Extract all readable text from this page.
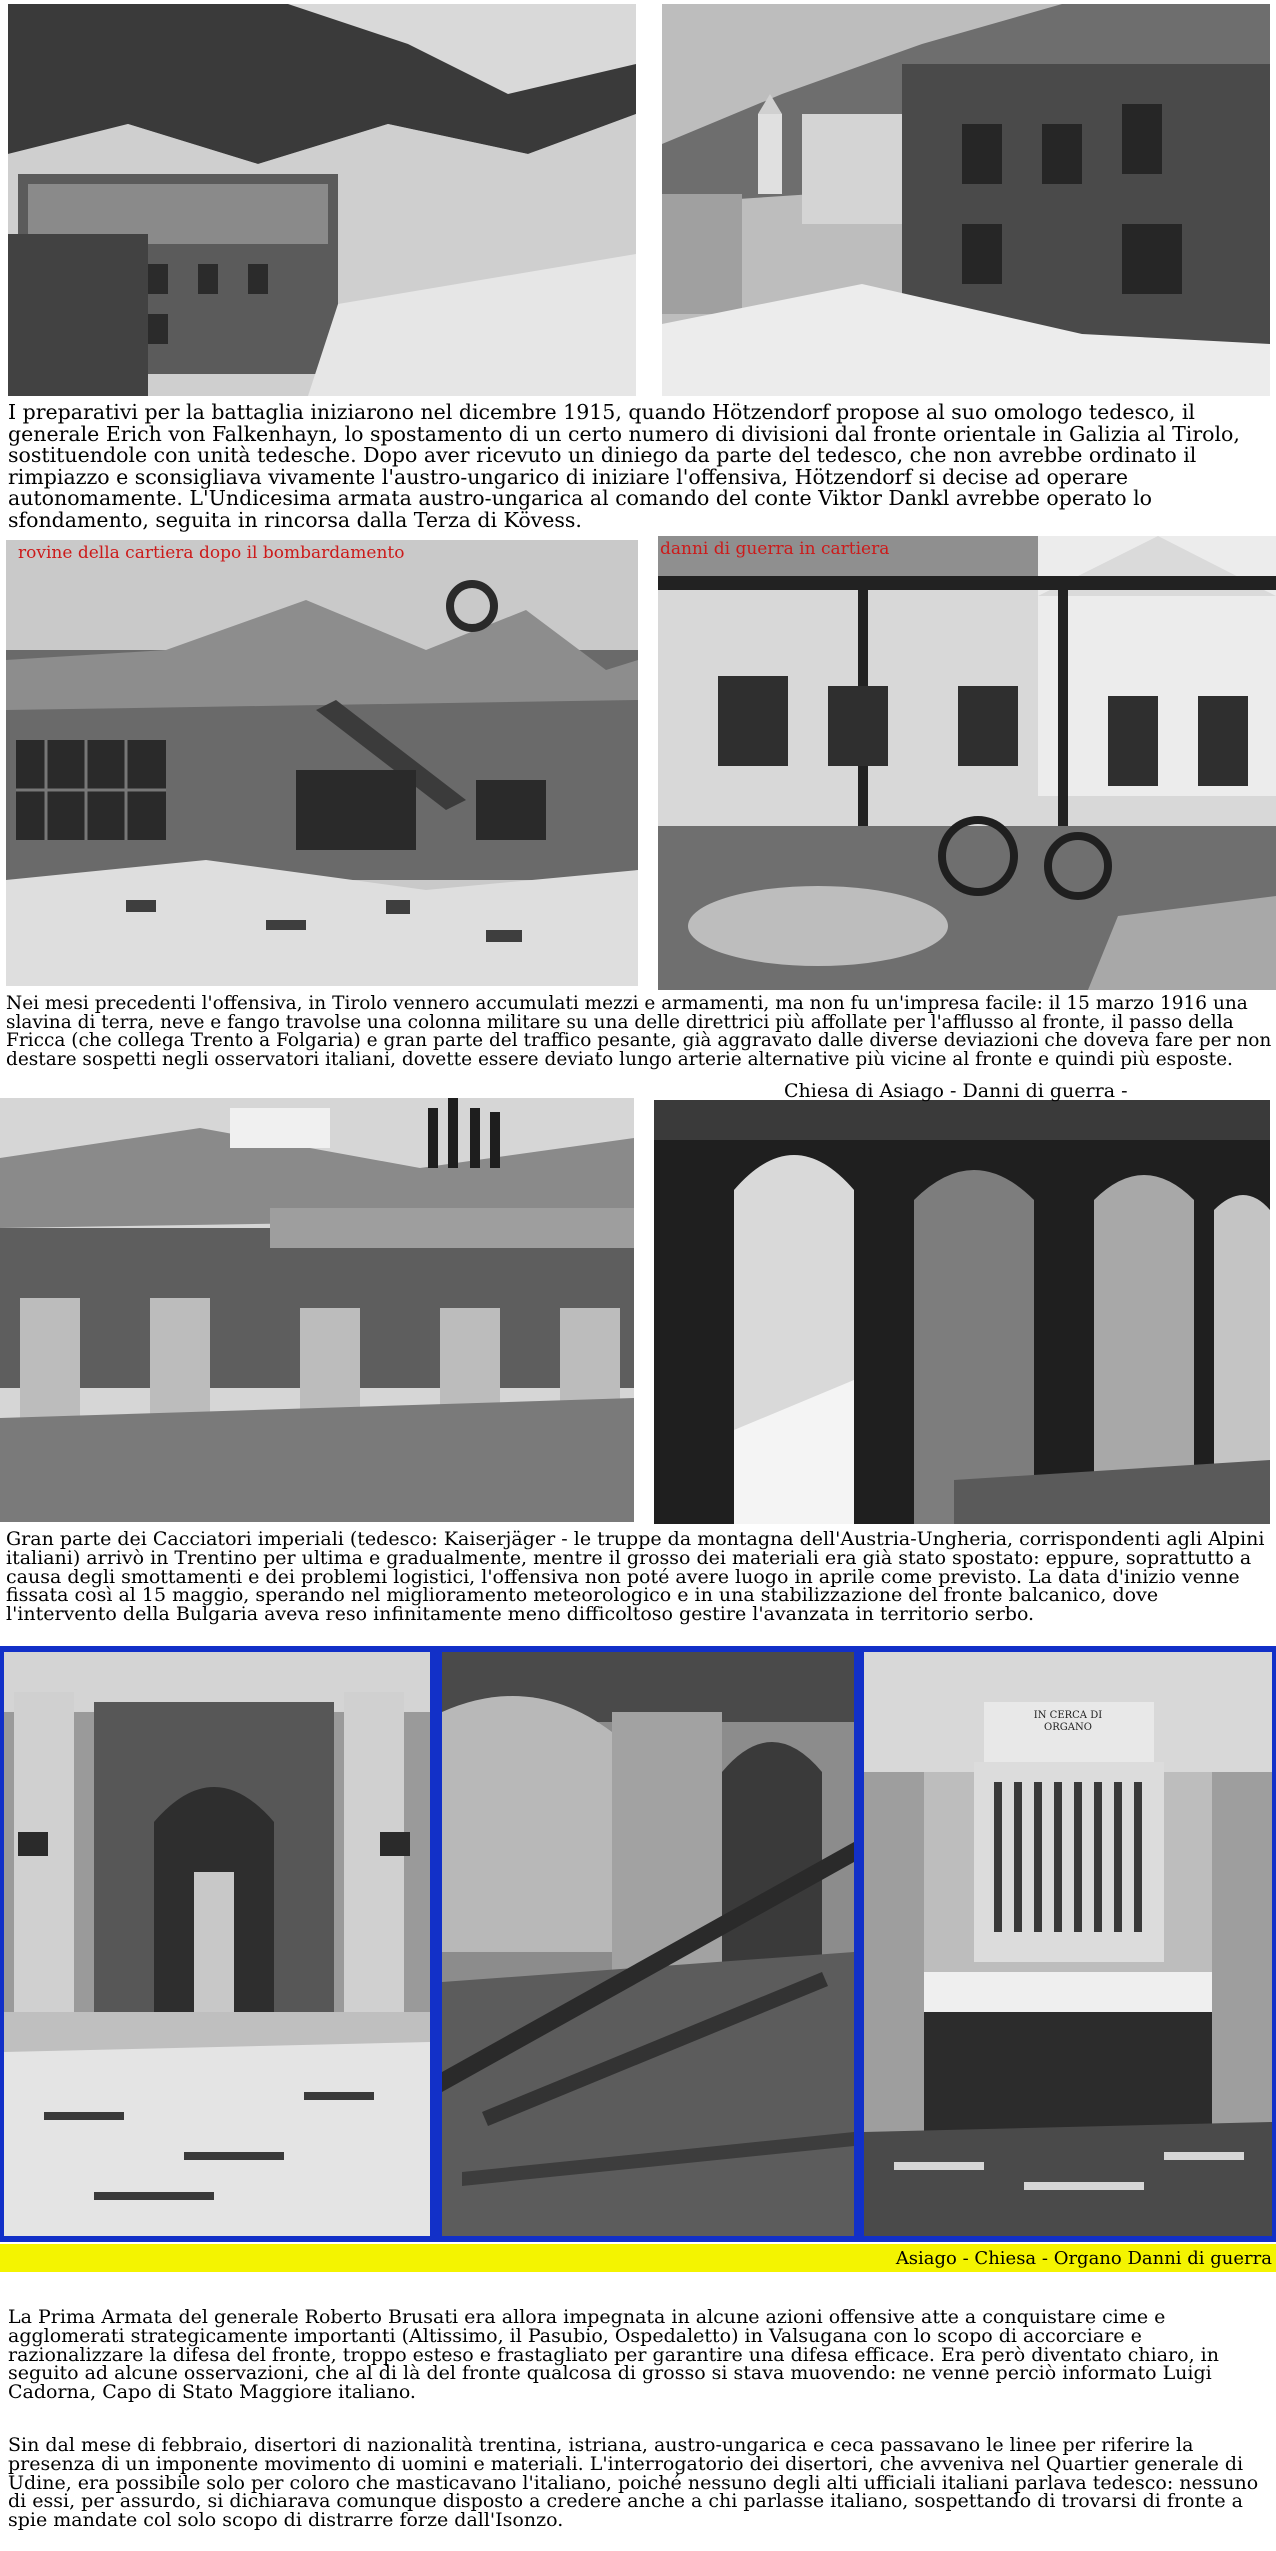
I preparativi per la battaglia iniziarono nel dicembre 1915, quando Hötzendorf propose al suo omologo tedesco, il generale Erich von Falkenhayn, lo spostamento di un certo numero di divisioni dal fronte orientale in Galizia al Tirolo, sostituendole con unità tedesche. Dopo aver ricevuto un diniego da parte del tedesco, che non avrebbe ordinato il rimpiazzo e sconsigliava vivamente l'austro-ungarico di iniziare l'offensiva, Hötzendorf si decise ad operare autonomamente. L'Undicesima armata austro-ungarica al comando del conte Viktor Dankl avrebbe operato lo sfondamento, seguita in rincorsa dalla Terza di Kövess.

rovine della cartiera dopo il bombardamento	danni di guerra in cartiera

Nei mesi precedenti l'offensiva, in Tirolo vennero accumulati mezzi e armamenti, ma non fu un'impresa facile: il 15 marzo 1916 una slavina di terra, neve e fango travolse una colonna militare su una delle direttrici più affollate per l'afflusso al fronte, il passo della Fricca (che collega Trento a Folgaria) e gran parte del traffico pesante, già aggravato dalle diverse deviazioni che doveva fare per non destare sospetti negli osservatori italiani, dovette essere deviato lungo arterie alternative più vicine al fronte e quindi più esposte.

Chiesa di Asiago - Danni di guerra -

Gran parte dei Cacciatori imperiali (tedesco: Kaiserjäger - le truppe da montagna dell'Austria-Ungheria, corrispondenti agli Alpini italiani) arrivò in Trentino per ultima e gradualmente, mentre il grosso dei materiali era già stato spostato: eppure, soprattutto a causa degli smottamenti e dei problemi logistici, l'offensiva non poté avere luogo in aprile come previsto. La data d'inizio venne fissata così al 15 maggio, sperando nel miglioramento meteorologico e in una stabilizzazione del fronte balcanico, dove l'intervento della Bulgaria aveva reso infinitamente meno difficoltoso gestire l'avanzata in territorio serbo.

IN CERCA DI ORGANO
Asiago - Chiesa - Organo Danni di guerra

La Prima Armata del generale Roberto Brusati era allora impegnata in alcune azioni offensive atte a conquistare cime e agglomerati strategicamente importanti (Altissimo, il Pasubio, Ospedaletto) in Valsugana con lo scopo di accorciare e razionalizzare la difesa del fronte, troppo esteso e frastagliato per garantire una difesa efficace. Era però diventato chiaro, in seguito ad alcune osservazioni, che al di là del fronte qualcosa di grosso si stava muovendo: ne venne perciò informato Luigi Cadorna, Capo di Stato Maggiore italiano.

Sin dal mese di febbraio, disertori di nazionalità trentina, istriana, austro-ungarica e ceca passavano le linee per riferire la presenza di un imponente movimento di uomini e materiali. L'interrogatorio dei disertori, che avveniva nel Quartier generale di Udine, era possibile solo per coloro che masticavano l'italiano, poiché nessuno degli alti ufficiali italiani parlava tedesco: nessuno di essi, per assurdo, si dichiarava comunque disposto a credere anche a chi parlasse italiano, sospettando di trovarsi di fronte a spie mandate col solo scopo di distrarre forze dall'Isonzo.
